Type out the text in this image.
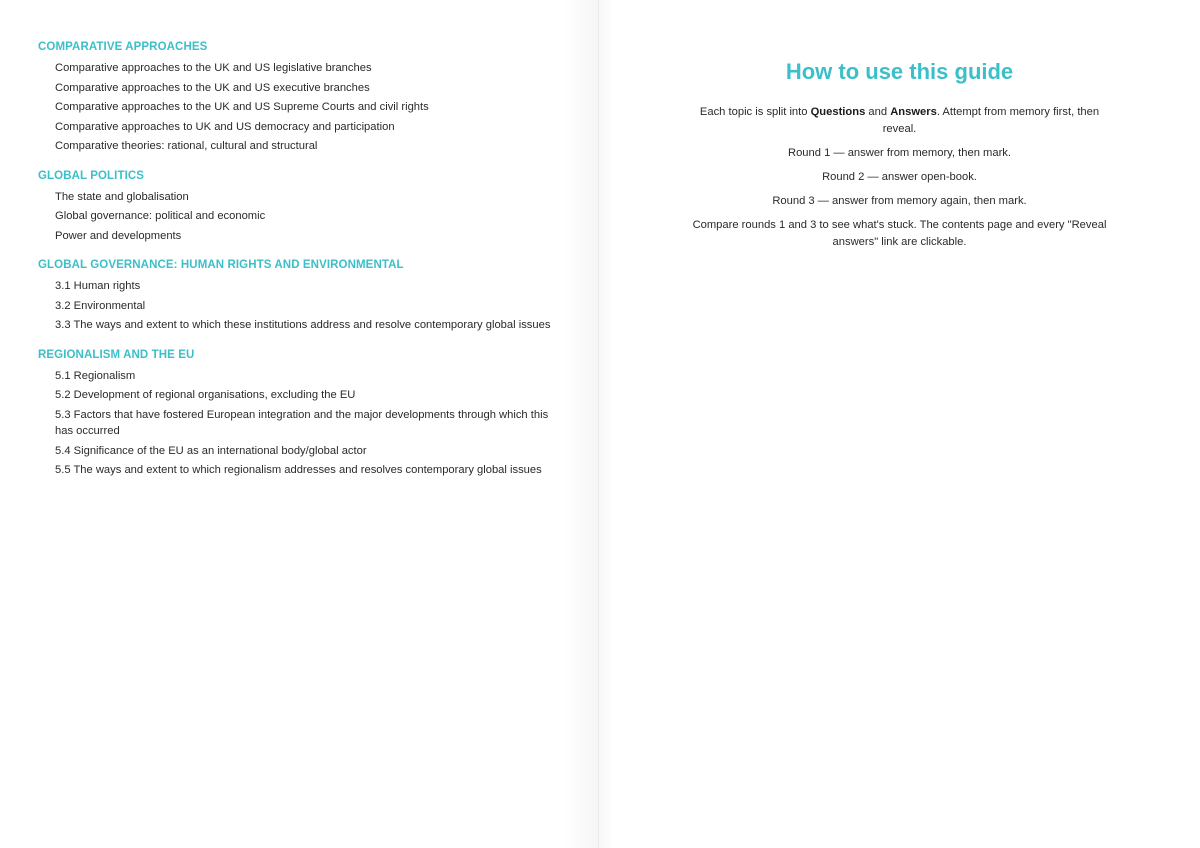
COMPARATIVE APPROACHES
Comparative approaches to the UK and US legislative branches
Comparative approaches to the UK and US executive branches
Comparative approaches to the UK and US Supreme Courts and civil rights
Comparative approaches to UK and US democracy and participation
Comparative theories: rational, cultural and structural
GLOBAL POLITICS
The state and globalisation
Global governance: political and economic
Power and developments
GLOBAL GOVERNANCE: HUMAN RIGHTS AND ENVIRONMENTAL
3.1 Human rights
3.2 Environmental
3.3 The ways and extent to which these institutions address and resolve contemporary global issues
REGIONALISM AND THE EU
5.1 Regionalism
5.2 Development of regional organisations, excluding the EU
5.3 Factors that have fostered European integration and the major developments through which this has occurred
5.4 Significance of the EU as an international body/global actor
5.5 The ways and extent to which regionalism addresses and resolves contemporary global issues
How to use this guide

Each topic is split into Questions and Answers. Attempt from memory first, then reveal.

Round 1 — answer from memory, then mark.

Round 2 — answer open-book.

Round 3 — answer from memory again, then mark.

Compare rounds 1 and 3 to see what's stuck. The contents page and every "Reveal answers" link are clickable.
